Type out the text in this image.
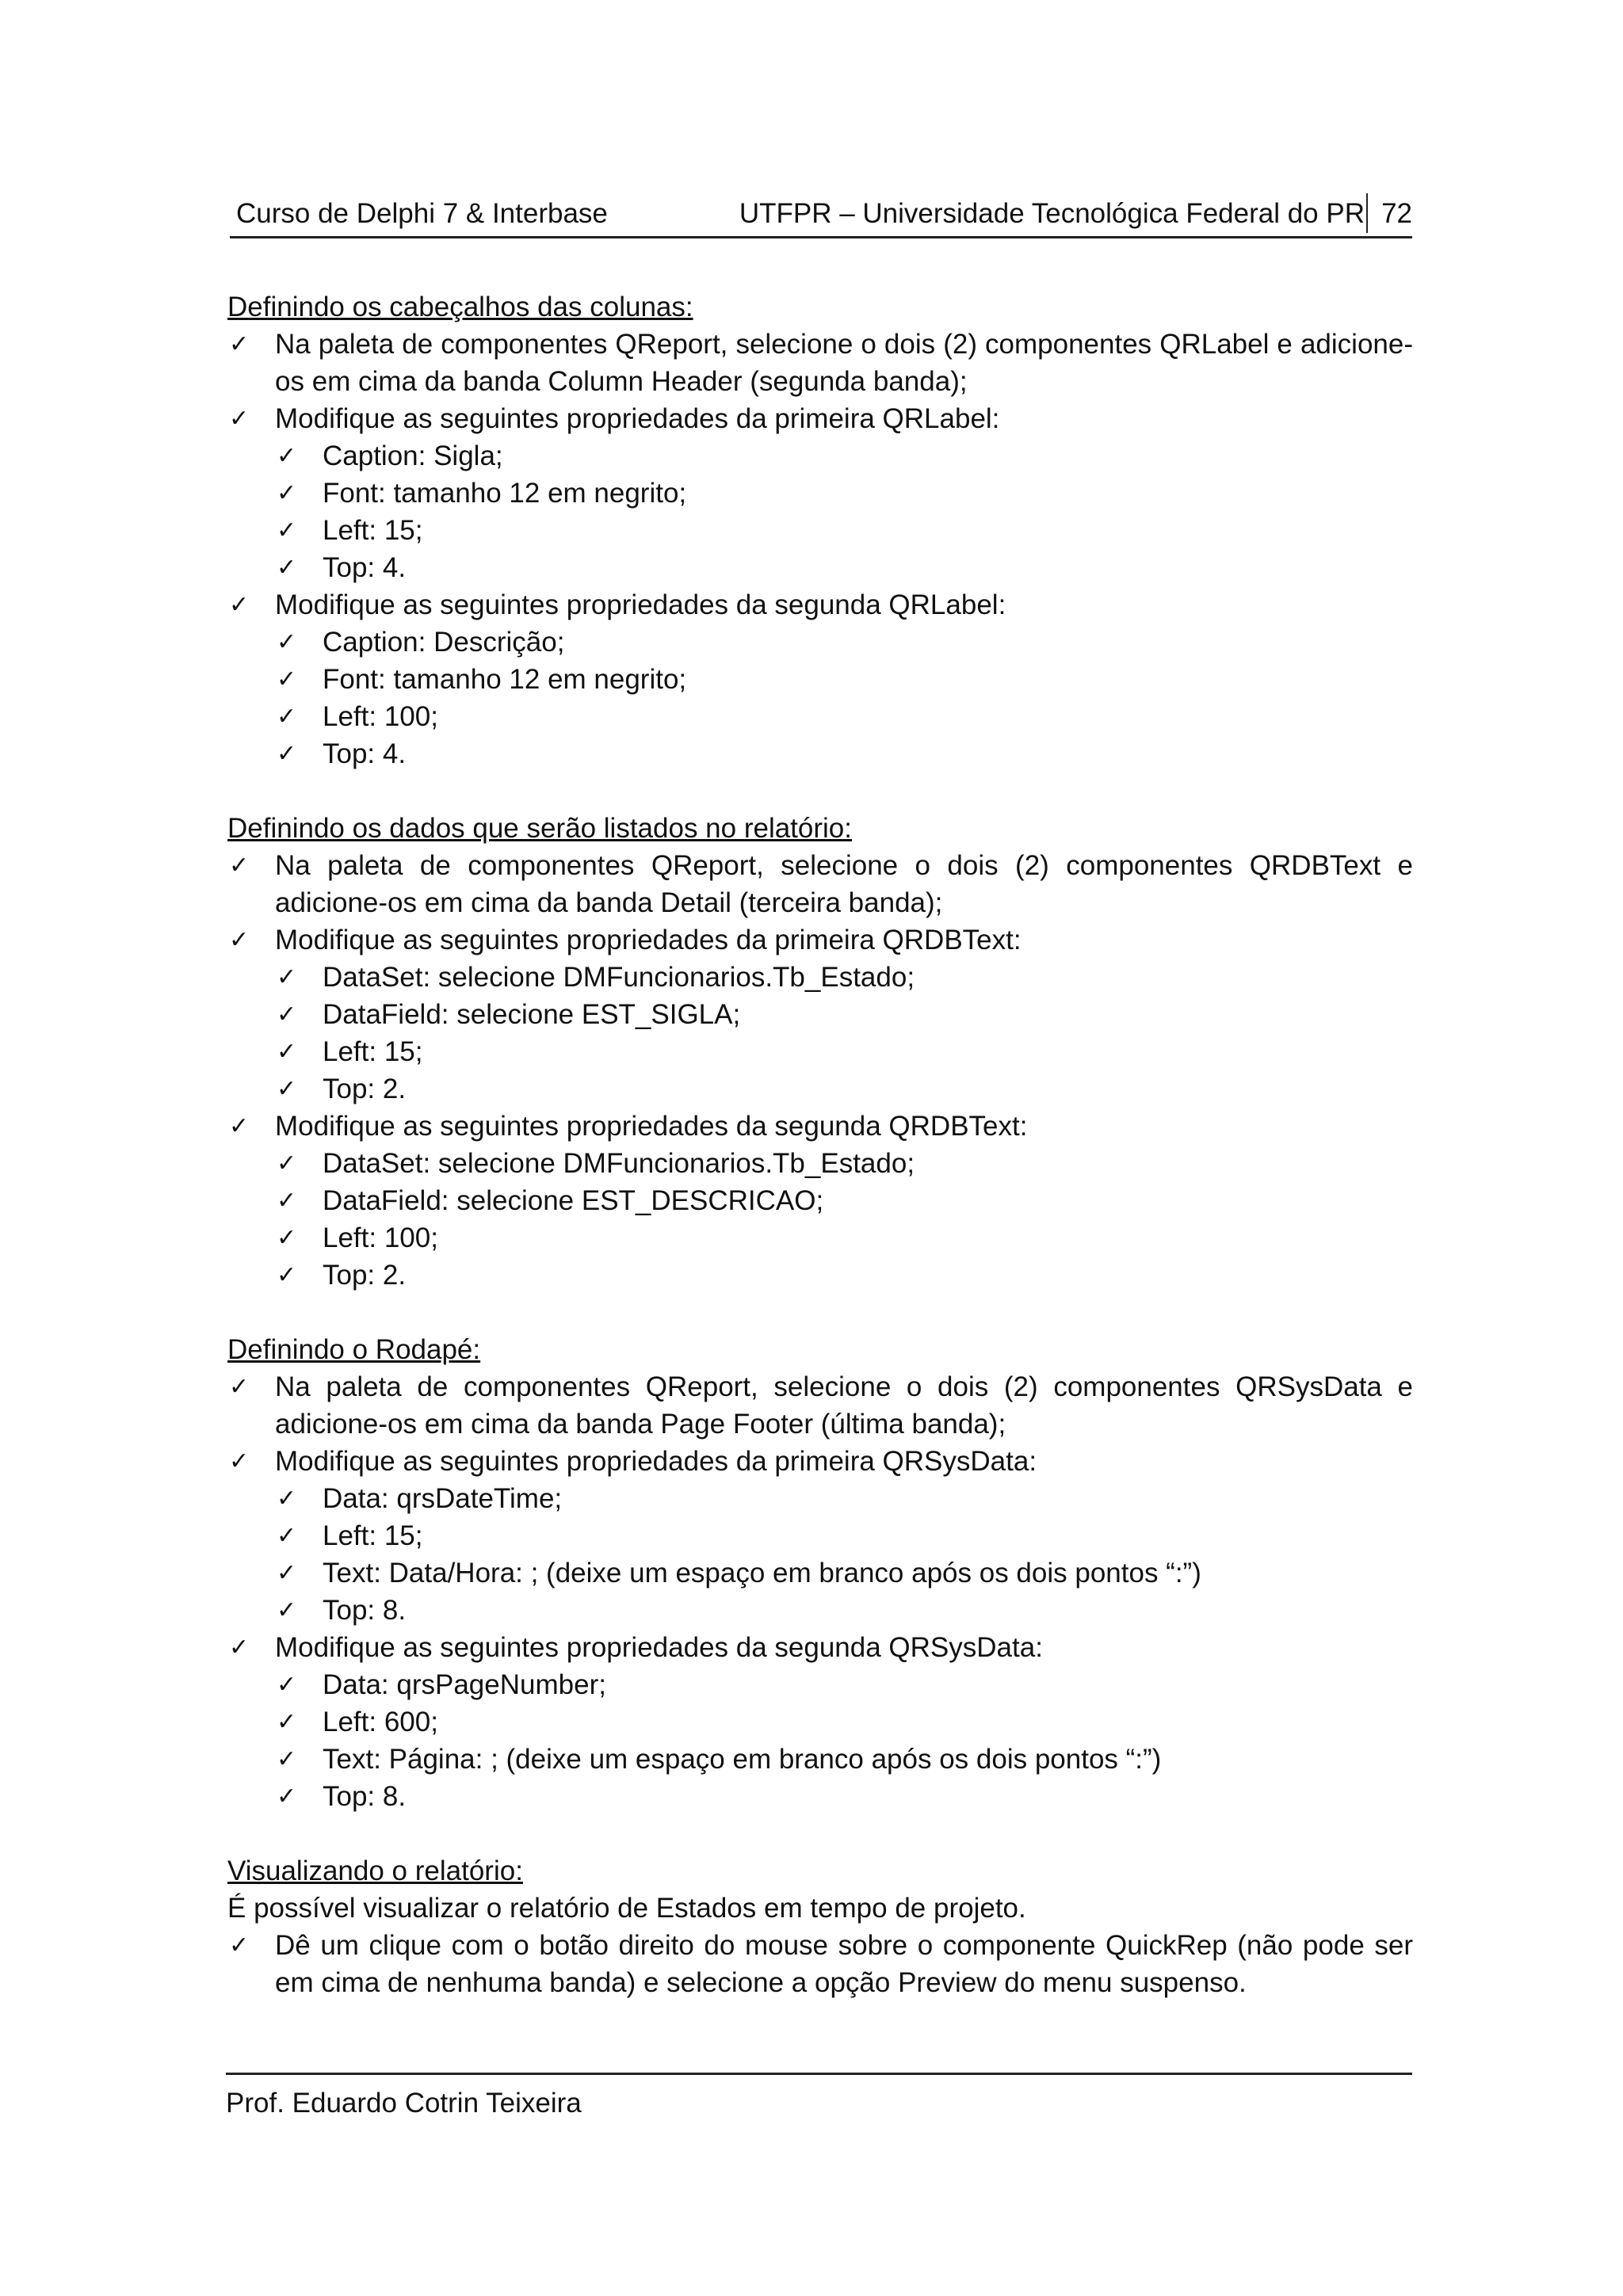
Curso de Delphi 7 & Interbase	UTFPR – Universidade Tecnológica Federal do PR 72
Definindo os cabeçalhos das colunas:
✓ Na paleta de componentes QReport, selecione o dois (2) componentes QRLabel e adicione-os em cima da banda Column Header (segunda banda);
✓ Modifique as seguintes propriedades da primeira QRLabel:
✓ Caption: Sigla;
✓ Font: tamanho 12 em negrito;
✓ Left: 15;
✓ Top: 4.
✓ Modifique as seguintes propriedades da segunda QRLabel:
✓ Caption: Descrição;
✓ Font: tamanho 12 em negrito;
✓ Left: 100;
✓ Top: 4.
Definindo os dados que serão listados no relatório:
✓ Na paleta de componentes QReport, selecione o dois (2) componentes QRDBText e adicione-os em cima da banda Detail (terceira banda);
✓ Modifique as seguintes propriedades da primeira QRDBText:
✓ DataSet: selecione DMFuncionarios.Tb_Estado;
✓ DataField: selecione EST_SIGLA;
✓ Left: 15;
✓ Top: 2.
✓ Modifique as seguintes propriedades da segunda QRDBText:
✓ DataSet: selecione DMFuncionarios.Tb_Estado;
✓ DataField: selecione EST_DESCRICAO;
✓ Left: 100;
✓ Top: 2.
Definindo o Rodapé:
✓ Na paleta de componentes QReport, selecione o dois (2) componentes QRSysData e adicione-os em cima da banda Page Footer (última banda);
✓ Modifique as seguintes propriedades da primeira QRSysData:
✓ Data: qrsDateTime;
✓ Left: 15;
✓ Text: Data/Hora: ; (deixe um espaço em branco após os dois pontos “:”)
✓ Top: 8.
✓ Modifique as seguintes propriedades da segunda QRSysData:
✓ Data: qrsPageNumber;
✓ Left: 600;
✓ Text: Página: ; (deixe um espaço em branco após os dois pontos “:”)
✓ Top: 8.
Visualizando o relatório:
É possível visualizar o relatório de Estados em tempo de projeto.
✓ Dê um clique com o botão direito do mouse sobre o componente QuickRep (não pode ser em cima de nenhuma banda) e selecione a opção Preview do menu suspenso.
Prof. Eduardo Cotrin Teixeira
